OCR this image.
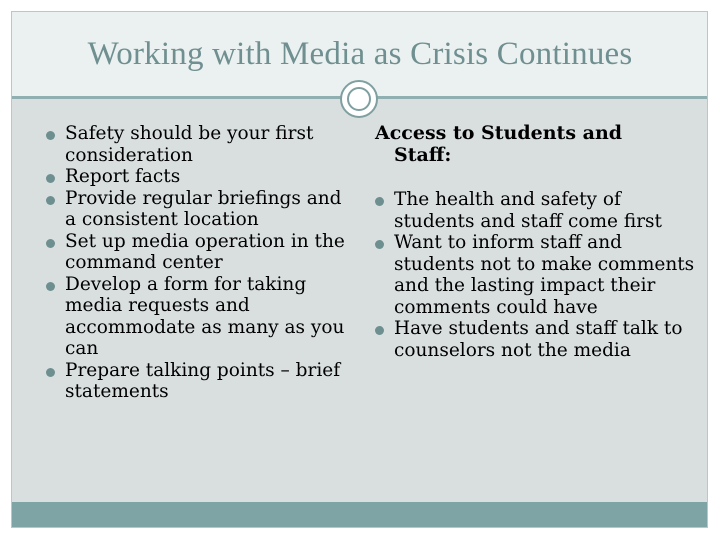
Working with Media as Crisis Continues
Safety should be your first consideration
Report facts
Provide regular briefings and a consistent location
Set up media operation in the command center
Develop a form for taking media requests and accommodate as many as you can
Prepare talking points – brief statements
Access to Students and
Staff:
The health and safety of students and staff come first
Want to inform staff and students not to make comments and the lasting impact their comments could have
Have students and staff talk to counselors not the media
